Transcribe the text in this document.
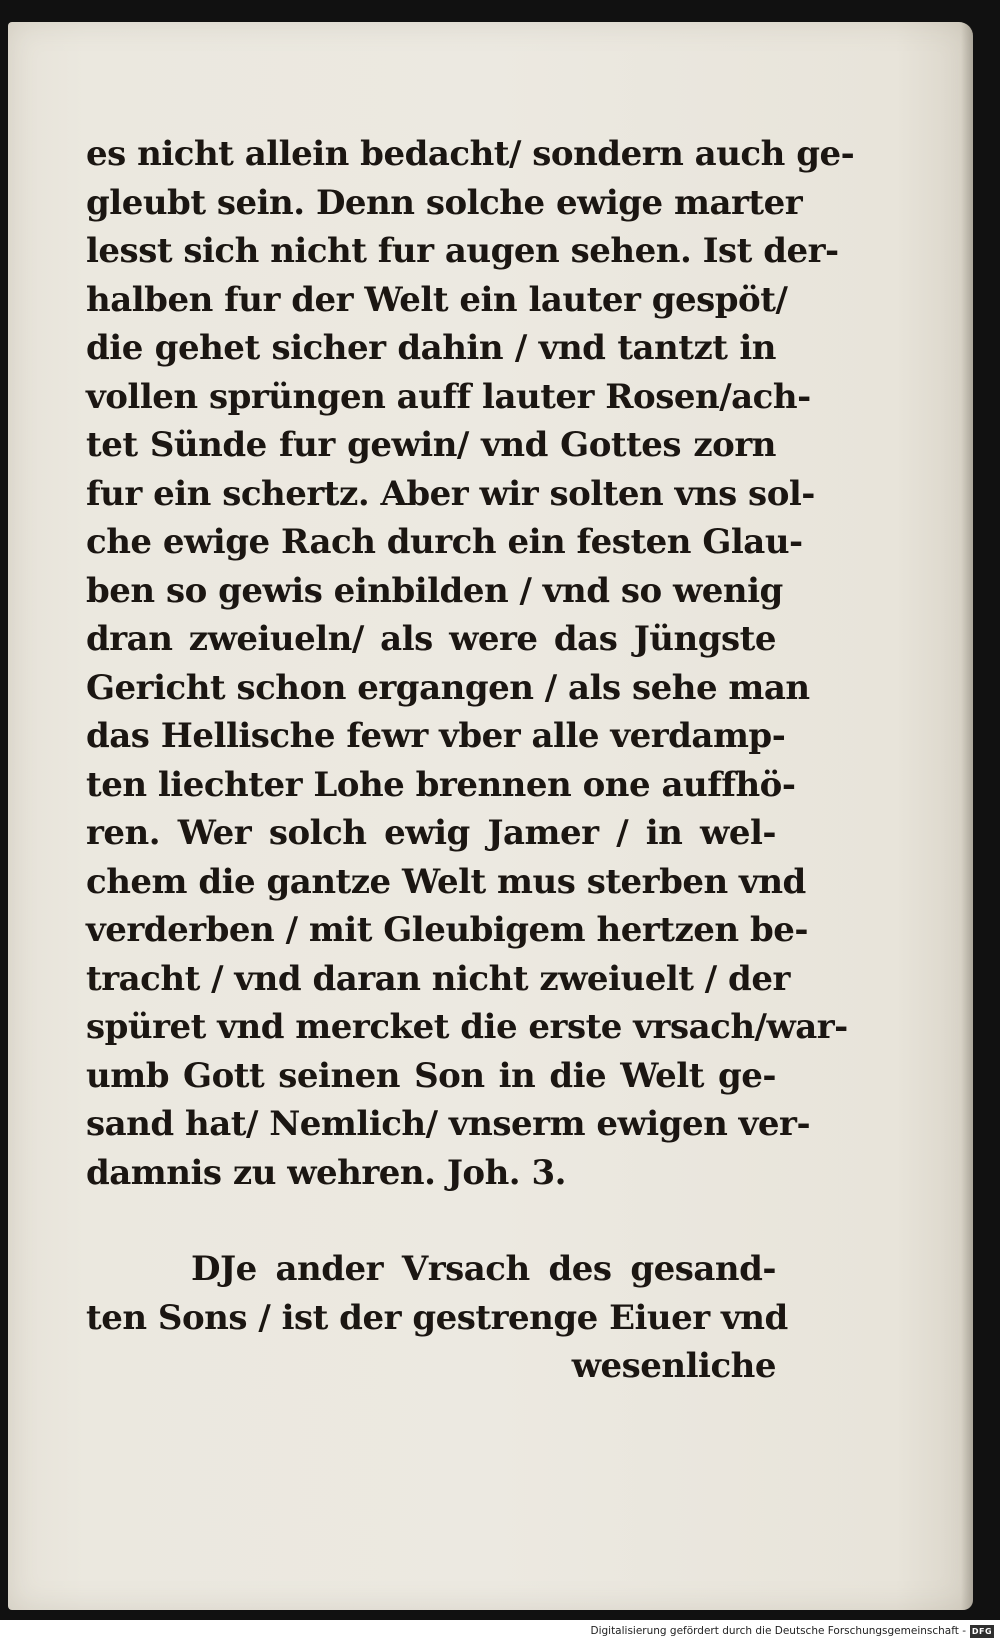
es nicht allein bedacht/ sondern auch ge-
gleubt sein. Denn solche ewige marter
lesst sich nicht fur augen sehen. Ist der-
halben fur der Welt ein lauter gespöt/
die gehet sicher dahin / vnd tantzt in
vollen sprüngen auff lauter Rosen/ach-
tet Sünde fur gewin/ vnd Gottes zorn
fur ein schertz. Aber wir solten vns sol-
che ewige Rach durch ein festen Glau-
ben so gewis einbilden / vnd so wenig
dran zweiueln/ als were das Jüngste
Gericht schon ergangen / als sehe man
das Hellische fewr vber alle verdamp-
ten liechter Lohe brennen one auffhö-
ren. Wer solch ewig Jamer / in wel-
chem die gantze Welt mus sterben vnd
verderben / mit Gleubigem hertzen be-
tracht / vnd daran nicht zweiuelt / der
spüret vnd mercket die erste vrsach/war-
umb Gott seinen Son in die Welt ge-
sand hat/ Nemlich/ vnserm ewigen ver-
damnis zu wehren. Joh. 3.
DJe ander Vrsach des gesand-
ten Sons / ist der gestrenge Eiuer vnd
wesenliche
Digitalisierung gefördert durch die Deutsche Forschungsgemeinschaft - DFG
